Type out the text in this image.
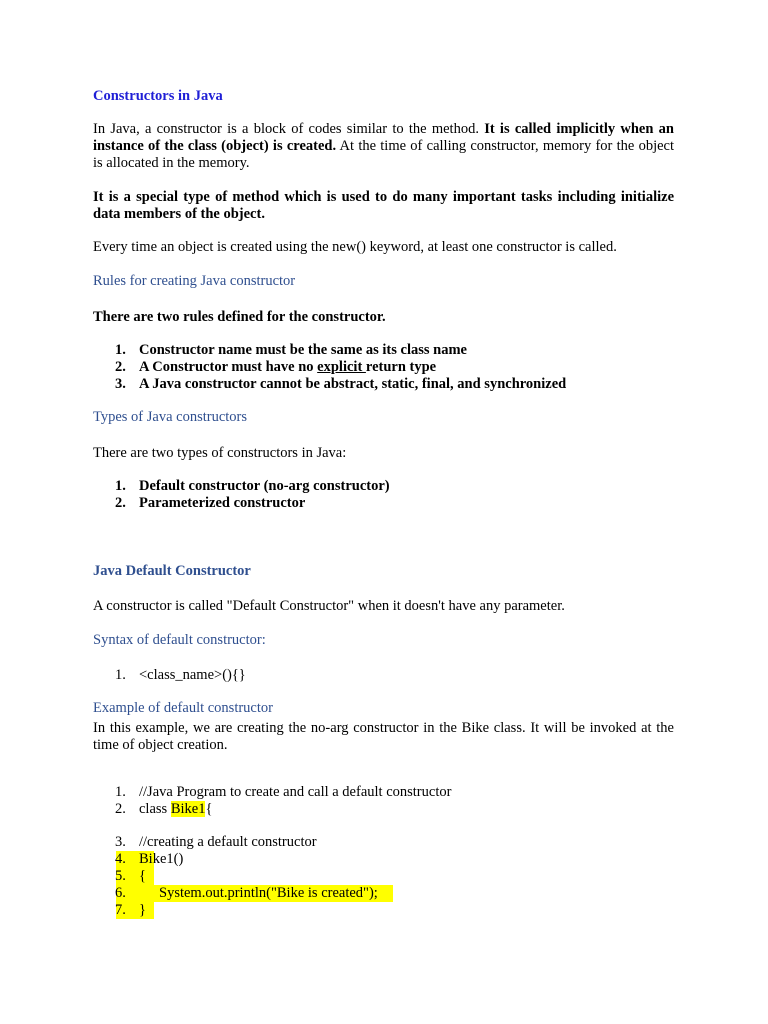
Constructors in Java

In Java, a constructor is a block of codes similar to the method. It is called implicitly when an instance of the class (object) is created. At the time of calling constructor, memory for the object is allocated in the memory.

It is a special type of method which is used to do many important tasks including initialize data members of the object.

Every time an object is created using the new() keyword, at least one constructor is called.

Rules for creating Java constructor

There are two rules defined for the constructor.

1. Constructor name must be the same as its class name
2. A Constructor must have no explicit return type
3. A Java constructor cannot be abstract, static, final, and synchronized

Types of Java constructors

There are two types of constructors in Java:

1. Default constructor (no-arg constructor)
2. Parameterized constructor

Java Default Constructor

A constructor is called "Default Constructor" when it doesn't have any parameter.

Syntax of default constructor:

1. <class_name>(){}

Example of default constructor

In this example, we are creating the no-arg constructor in the Bike class. It will be invoked at the time of object creation.

1. //Java Program to create and call a default constructor
2. class Bike1{
3. //creating a default constructor
4. Bike1()
5. {
6. System.out.println("Bike is created");
7. }
